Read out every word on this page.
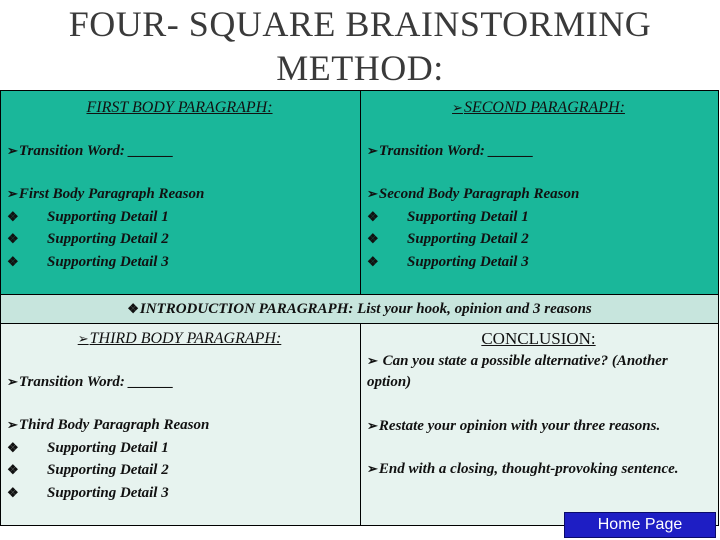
FOUR- SQUARE BRAINSTORMING
METHOD:
FIRST BODY PARAGRAPH:
➢Transition Word: ______
➢First Body Paragraph Reason
❖ Supporting Detail 1
❖ Supporting Detail 2
❖ Supporting Detail 3
➢SECOND PARAGRAPH:
➢Transition Word: ______
➢Second Body Paragraph Reason
❖ Supporting Detail 1
❖ Supporting Detail 2
❖ Supporting Detail 3
❖INTRODUCTION PARAGRAPH: List your hook, opinion and 3 reasons
➢THIRD BODY PARAGRAPH:
➢Transition Word: ______
➢Third Body Paragraph Reason
❖ Supporting Detail 1
❖ Supporting Detail 2
❖ Supporting Detail 3
CONCLUSION:
➢ Can you state a possible alternative? (Another option)
➢Restate your opinion with your three reasons.
➢End with a closing, thought-provoking sentence.
Home Page
